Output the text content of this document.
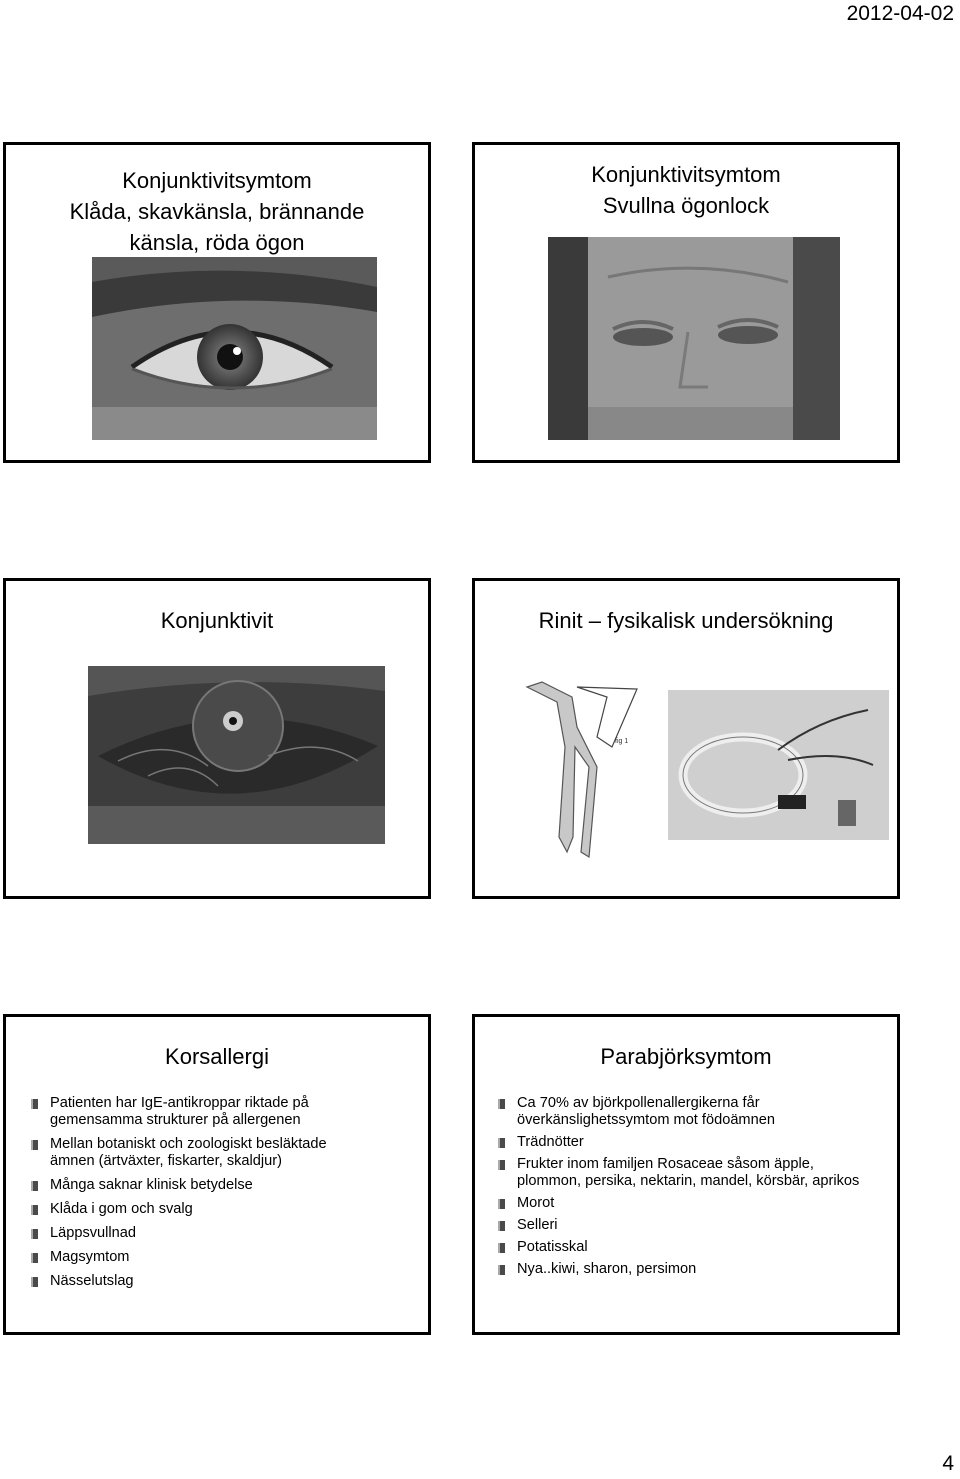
2012-04-02
Konjunktivitsymtom
Klåda, skavkänsla, brännande
känsla, röda ögon
Konjunktivitsymtom
Svullna ögonlock
Konjunktivit	Rinit – fysikalisk undersökning
fig 1
Korsallergi
Patienten har IgE-antikroppar riktade på gemensamma strukturer på allergenen
Mellan botaniskt och zoologiskt besläktade ämnen (ärtväxter, fiskarter, skaldjur)
Många saknar klinisk betydelse
Klåda i gom och svalg
Läppsvullnad
Magsymtom
Nässelutslag
Parabjörksymtom
Ca 70% av björkpollenallergikerna får överkänslighetssymtom mot födoämnen
Trädnötter
Frukter inom familjen Rosaceae såsom äpple, plommon, persika, nektarin, mandel, körsbär, aprikos
Morot
Selleri
Potatisskal
Nya..kiwi, sharon, persimon
4
